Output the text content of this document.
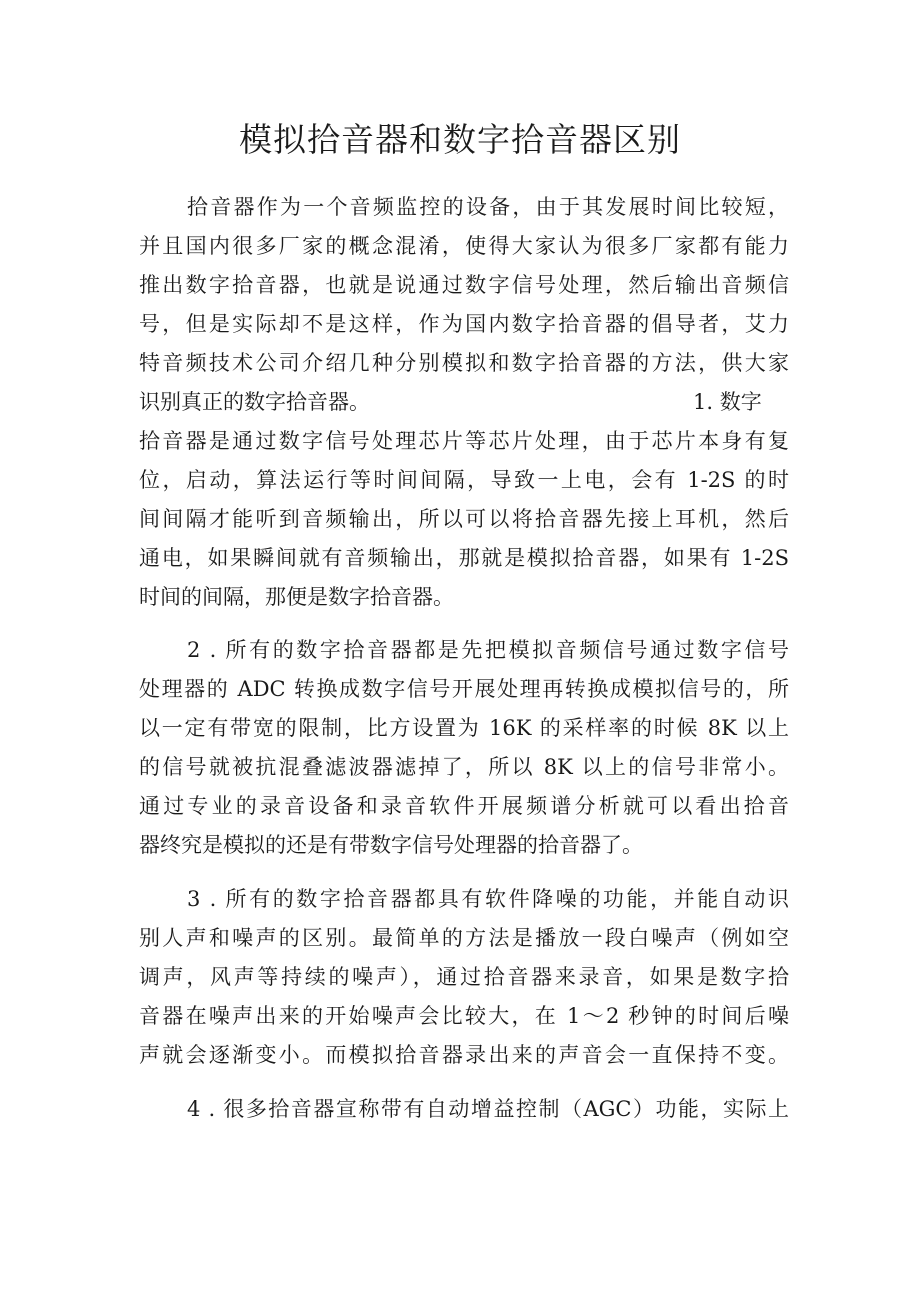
模拟拾音器和数字拾音器区别

拾音器作为一个音频监控的设备，由于其发展时间比较短，

并且国内很多厂家的概念混淆，使得大家认为很多厂家都有能力

推出数字拾音器，也就是说通过数字信号处理，然后输出音频信

号，但是实际却不是这样，作为国内数字拾音器的倡导者，艾力

特音频技术公司介绍几种分别模拟和数字拾音器的方法，供大家

识别真正的数字拾音器。	1. 数字

拾音器是通过数字信号处理芯片等芯片处理，由于芯片本身有复

位，启动，算法运行等时间间隔，导致一上电，会有 1-2S 的时

间间隔才能听到音频输出，所以可以将拾音器先接上耳机，然后

通电，如果瞬间就有音频输出，那就是模拟拾音器，如果有 1-2S

时间的间隔，那便是数字拾音器。

2 . 所有的数字拾音器都是先把模拟音频信号通过数字信号

处理器的 ADC 转换成数字信号开展处理再转换成模拟信号的，所

以一定有带宽的限制，比方设置为 16K 的采样率的时候 8K 以上

的信号就被抗混叠滤波器滤掉了，所以 8K 以上的信号非常小。

通过专业的录音设备和录音软件开展频谱分析就可以看出拾音

器终究是模拟的还是有带数字信号处理器的拾音器了。

3 . 所有的数字拾音器都具有软件降噪的功能，并能自动识

别人声和噪声的区别。最简单的方法是播放一段白噪声（例如空

调声，风声等持续的噪声），通过拾音器来录音，如果是数字拾

音器在噪声出来的开始噪声会比较大，在 1～2 秒钟的时间后噪

声就会逐渐变小。而模拟拾音器录出来的声音会一直保持不变。

4 . 很多拾音器宣称带有自动增益控制（AGC）功能，实际上
